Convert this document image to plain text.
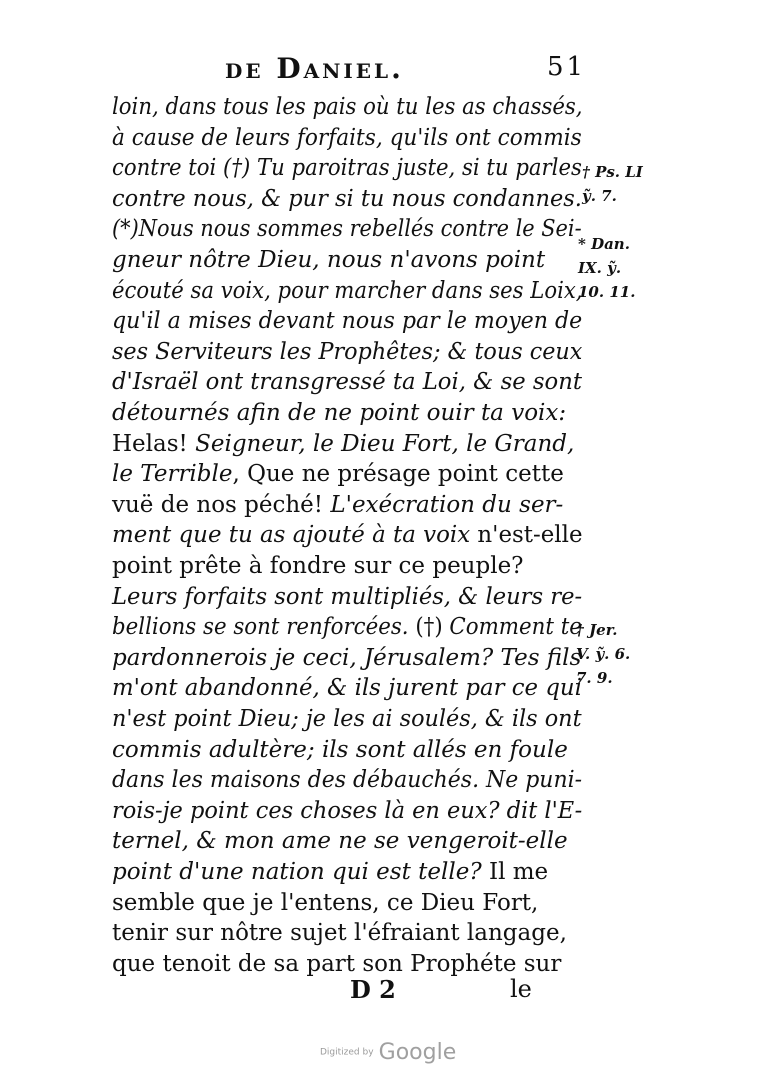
de Daniel.	51
loin, dans tous les pais où tu les as chassés,
à cause de leurs forfaits, qu'ils ont commis
contre toi (†) Tu paroitras juste, si tu parles
contre nous, & pur si tu nous condannes.
(*)Nous nous sommes rebellés contre le Sei-
gneur nôtre Dieu, nous n'avons point
écouté sa voix, pour marcher dans ses Loix,
qu'il a mises devant nous par le moyen de
ses Serviteurs les Prophêtes; & tous ceux
d'Israël ont transgressé ta Loi, & se sont
détournés afin de ne point ouir ta voix:
Helas! Seigneur, le Dieu Fort, le Grand,
le Terrible, Que ne présage point cette
vuë de nos péché! L'exécration du ser-
ment que tu as ajouté à ta voix n'est-elle
point prête à fondre sur ce peuple?
Leurs forfaits sont multipliés, & leurs re-
bellions se sont renforcées. (†) Comment te
pardonnerois je ceci, Jérusalem? Tes fils
m'ont abandonné, & ils jurent par ce qui
n'est point Dieu; je les ai soulés, & ils ont
commis adultère; ils sont allés en foule
dans les maisons des débauchés. Ne puni-
rois-je point ces choses là en eux? dit l'E-
ternel, & mon ame ne se vengeroit-elle
point d'une nation qui est telle? Il me
semble que je l'entens, ce Dieu Fort,
tenir sur nôtre sujet l'éfraiant langage,
que tenoit de sa part son Prophéte sur
† Ps. LI
ỹ. 7.
* Dan.
IX. ỹ.
10. 11.
† Jer.
V. ỹ. 6.
7. 9.
D 2	le
Digitized by Google
